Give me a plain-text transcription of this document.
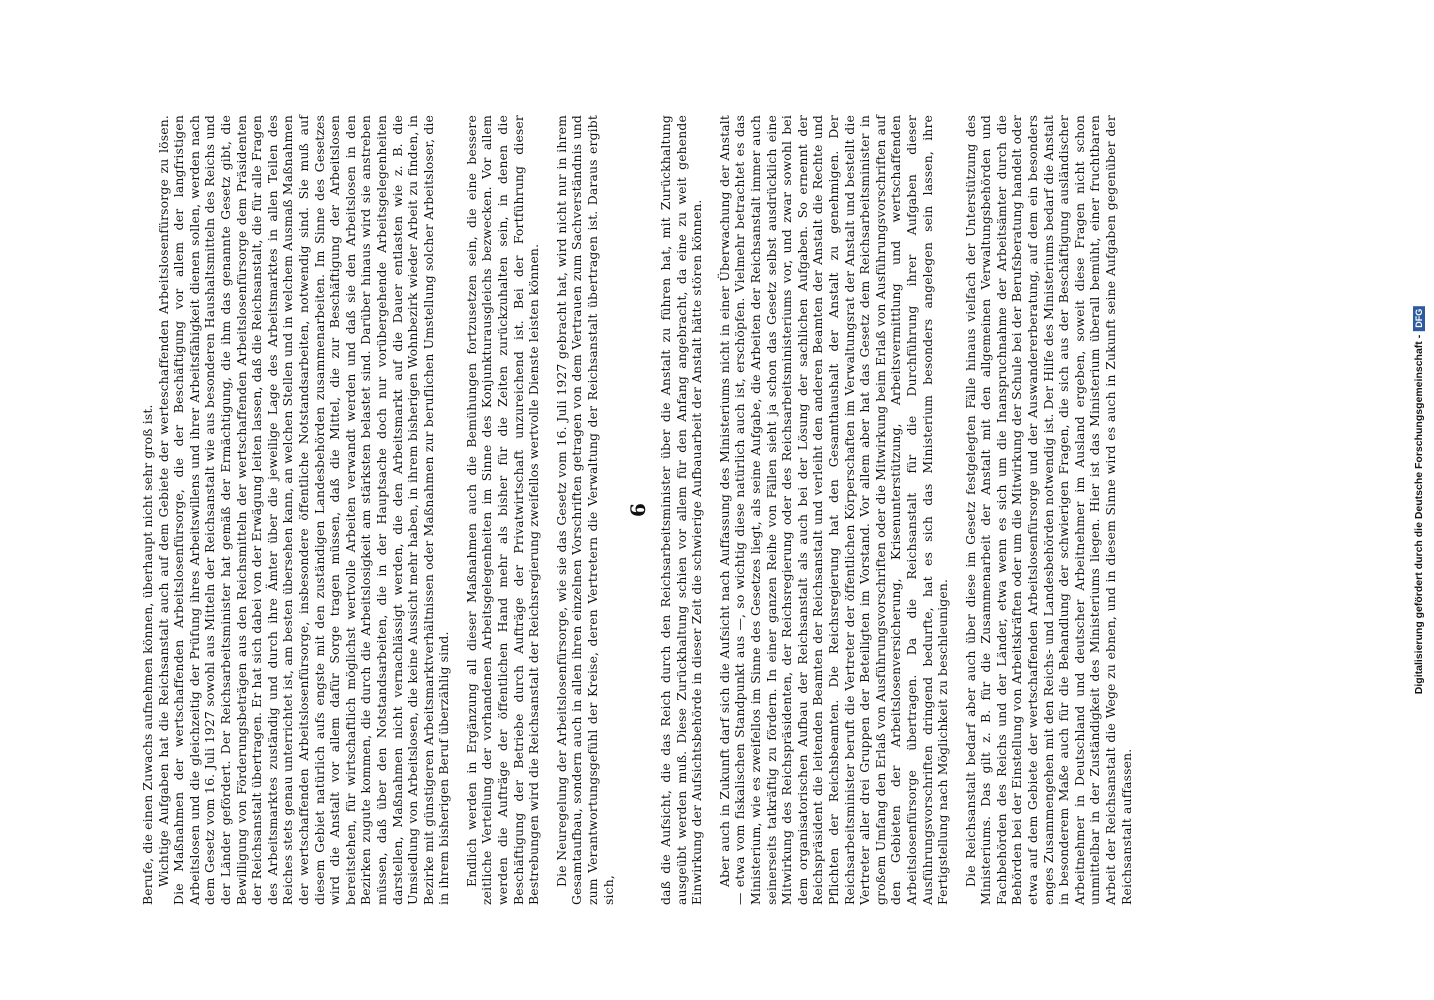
Berufe, die einen Zuwachs aufnehmen können, überhaupt nicht sehr groß ist. Wichtige Aufgaben hat die Reichsanstalt auch auf dem Gebiete der werteschaffenden Arbeitslosenfürsorge zu lösen. Die Maßnahmen der wertschaffenden Arbeitslosenfürsorge, die der Beschäftigung vor allem der langfristigen Arbeitslosen und die gleichzeitig der Prüfung ihres Arbeitswillens und ihrer Arbeitsfähigkeit dienen sollen, werden nach dem Gesetz vom 16. Juli 1927 sowohl aus Mitteln der Reichsanstalt wie aus besonderen Haushaltsmitteln des Reichs und der Länder gefördert. Der Reichsarbeitsminister hat gemäß der Ermächtigung, die ihm das genannte Gesetz gibt, die Bewilligung von Förderungsbeträgen aus den Reichsmitteln der wertschaffenden Arbeitslosenfürsorge dem Präsidenten der Reichsanstalt übertragen. Er hat sich dabei von der Erwägung leiten lassen, daß die Reichsanstalt, die für alle Fragen des Arbeitsmarktes zuständig und durch ihre Ämter über die jeweilige Lage des Arbeitsmarktes in allen Teilen des Reiches stets genau unterrichtet ist, am besten übersehen kann, an welchen Stellen und in welchem Ausmaß Maßnahmen der wertschaffenden Arbeitslosenfürsorge, insbesondere öffentliche Notstandsarbeiten, notwendig sind. Sie muß auf diesem Gebiet natürlich aufs engste mit den zuständigen Landesbehörden zusammenarbeiten. Im Sinne des Gesetzes wird die Anstalt vor allem dafür Sorge tragen müssen, daß die Mittel, die zur Beschäftigung der Arbeitslosen bereitstehen, für wirtschaftlich möglichst wertvolle Arbeiten verwandt werden und daß sie den Arbeitslosen in den Bezirken zugute kommen, die durch die Arbeitslosigkeit am stärksten belastet sind. Darüber hinaus wird sie anstreben müssen, daß über den Notstandsarbeiten, die in der Hauptsache doch nur vorübergehende Arbeitsgelegenheiten darstellen, Maßnahmen nicht vernachlässigt werden, die den Arbeitsmarkt auf die Dauer entlasten wie z. B. die Umsiedlung von Arbeitslosen, die keine Aussicht mehr haben, in ihrem bisherigen Wohnbezirk wieder Arbeit zu finden, in Bezirke mit günstigeren Arbeitsmarktverhältnissen oder Maßnahmen zur beruflichen Umstellung solcher Arbeitsloser, die in ihrem bisherigen Beruf überzählig sind. Endlich werden in Ergänzung all dieser Maßnahmen auch die Bemühungen fortzusetzen sein, die eine bessere zeitliche Verteilung der vorhandenen Arbeitsgelegenheiten im Sinne des Konjunkturausgleichs bezwecken. Vor allem werden die Aufträge der öffentlichen Hand mehr als bisher für die Zeiten zurückzuhalten sein, in denen die Beschäftigung der Betriebe durch Aufträge der Privatwirtschaft unzureichend ist. Bei der Fortführung dieser Bestrebungen wird die Reichsanstalt der Reichsregierung zweifellos wertvolle Dienste leisten können. Die Neuregelung der Arbeitslosenfürsorge, wie sie das Gesetz vom 16. Juli 1927 gebracht hat, wird nicht nur in ihrem Gesamtaufbau, sondern auch in allen ihren einzelnen Vorschriften getragen von dem Vertrauen zum Sachverständnis und zum Verantwortungsgefühl der Kreise, deren Vertretern die Verwaltung der Reichsanstalt übertragen ist. Daraus ergibt sich,

6 daß die Aufsicht, die das Reich durch den Reichsarbeitsminister über die Anstalt zu führen hat, mit Zurückhaltung ausgeübt werden muß. Diese Zurückhaltung schien vor allem für den Anfang angebracht, da eine zu weit gehende Einwirkung der Aufsichtsbehörde in dieser Zeit die schwierige Aufbauarbeit der Anstalt hätte stören können. Aber auch in Zukunft darf sich die Aufsicht nach Auffassung des Ministeriums nicht in einer Überwachung der Anstalt — etwa vom fiskalischen Standpunkt aus —, so wichtig diese natürlich auch ist, erschöpfen. Vielmehr betrachtet es das Ministerium, wie es zweifellos im Sinne des Gesetzes liegt, als seine Aufgabe, die Arbeiten der Reichsanstalt immer auch seinerseits tatkräftig zu fördern. In einer ganzen Reihe von Fällen sieht ja schon das Gesetz selbst ausdrücklich eine Mitwirkung des Reichspräsidenten, der Reichsregierung oder des Reichsarbeitsministeriums vor, und zwar sowohl bei dem organisatorischen Aufbau der Reichsanstalt als auch bei der Lösung der sachlichen Aufgaben. So ernennt der Reichspräsident die leitenden Beamten der Reichsanstalt und verleiht den anderen Beamten der Anstalt die Rechte und Pflichten der Reichsbeamten. Die Reichsregierung hat den Gesamthaushalt der Anstalt zu genehmigen. Der Reichsarbeitsminister beruft die Vertreter der öffentlichen Körperschaften im Verwaltungsrat der Anstalt und bestellt die Vertreter aller drei Gruppen der Beteiligten im Vorstand. Vor allem aber hat das Gesetz dem Reichsarbeitsminister in großem Umfang den Erlaß von Ausführungsvorschriften oder die Mitwirkung beim Erlaß von Ausführungsvorschriften auf den Gebieten der Arbeitslosenversicherung, Krisenunterstützung, Arbeitsvermittlung und wertschaffenden Arbeitslosenfürsorge übertragen. Da die Reichsanstalt für die Durchführung ihrer Aufgaben dieser Ausführungsvorschriften dringend bedurfte, hat es sich das Ministerium besonders angelegen sein lassen, ihre Fertigstellung nach Möglichkeit zu beschleunigen. Die Reichsanstalt bedarf aber auch über diese im Gesetz festgelegten Fälle hinaus vielfach der Unterstützung des Ministeriums. Das gilt z. B. für die Zusammenarbeit der Anstalt mit den allgemeinen Verwaltungsbehörden und Fachbehörden des Reichs und der Länder, etwa wenn es sich um die Inanspruchnahme der Arbeitsämter durch die Behörden bei der Einstellung von Arbeitskräften oder um die Mitwirkung der Schule bei der Berufsberatung handelt oder etwa auf dem Gebiete der wertschaffenden Arbeitslosenfürsorge und der Auswandererberatung, auf dem ein besonders enges Zusammengehen mit den Reichs- und Landesbehörden notwendig ist. Der Hilfe des Ministeriums bedarf die Anstalt in besonderem Maße auch für die Behandlung der schwierigen Fragen, die sich aus der Beschäftigung ausländischer Arbeitnehmer in Deutschland und deutscher Arbeitnehmer im Ausland ergeben, soweit diese Fragen nicht schon unmittelbar in der Zuständigkeit des Ministeriums liegen. Hier ist das Ministerium überall bemüht, einer fruchtbaren Arbeit der Reichsanstalt die Wege zu ebnen, und in diesem Sinne wird es auch in Zukunft seine Aufgaben gegenüber der Reichsanstalt auffassen.

Digitalisierung gefördert durch die Deutsche Forschungsgemeinschaft -DFG
